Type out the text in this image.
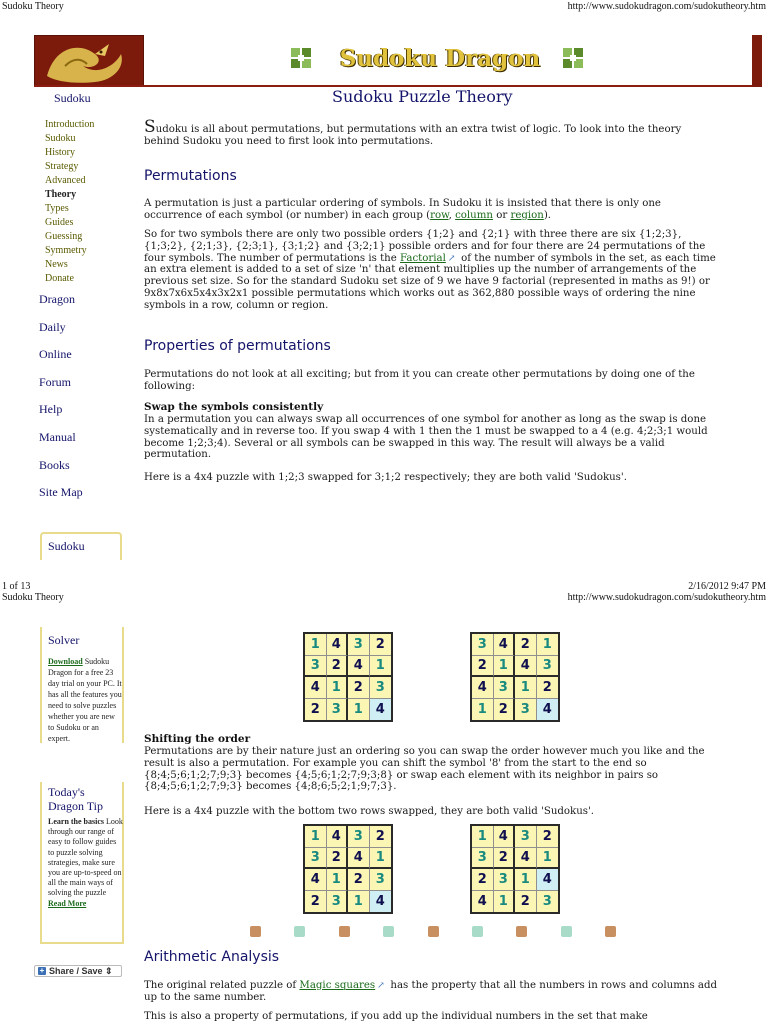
Sudoku Theory	http://www.sudokudragon.com/sudokutheory.htm
Sudoku Dragon
Sudoku
Introduction
Sudoku
History
Strategy
Advanced
Theory
Types
Guides
Guessing
Symmetry
News
Donate
Dragon
Daily
Online
Forum
Help
Manual
Books
Site Map
Sudoku
1 of 13
Sudoku Theory
2/16/2012 9:47 PM
http://www.sudokudragon.com/sudokutheory.htm
Solver
Download Sudoku Dragon for a free 23 day trial on your PC. It has all the features you need to solve puzzles whether you are new to Sudoku or an expert.
Today's
Dragon Tip
Learn the basics Look through our range of easy to follow guides to puzzle solving strategies, make sure you are up-to-speed on all the main ways of solving the puzzle
Read More
+ Share / Save ⇕
Sudoku Puzzle Theory
Sudoku is all about permutations, but permutations with an extra twist of logic. To look into the theory behind Sudoku you need to first look into permutations.
Permutations
A permutation is just a particular ordering of symbols. In Sudoku it is insisted that there is only one occurrence of each symbol (or number) in each group (row, column or region).
So for two symbols there are only two possible orders {1;2} and {2;1} with three there are six {1;2;3}, {1;3;2}, {2;1;3}, {2;3;1}, {3;1;2} and {3;2;1} possible orders and for four there are 24 permutations of the four symbols. The number of permutations is the Factorial ↗ of the number of symbols in the set, as each time an extra element is added to a set of size 'n' that element multiplies up the number of arrangements of the previous set size. So for the standard Sudoku set size of 9 we have 9 factorial (represented in maths as 9!) or 9x8x7x6x5x4x3x2x1 possible permutations which works out as 362,880 possible ways of ordering the nine symbols in a row, column or region.
Properties of permutations
Permutations do not look at all exciting; but from it you can create other permutations by doing one of the following:
Swap the symbols consistently
In a permutation you can always swap all occurrences of one symbol for another as long as the swap is done systematically and in reverse too. If you swap 4 with 1 then the 1 must be swapped to a 4 (e.g. 4;2;3;1 would become 1;2;3;4). Several or all symbols can be swapped in this way. The result will always be a valid permutation.
Here is a 4x4 puzzle with 1;2;3 swapped for 3;1;2 respectively; they are both valid 'Sudokus'.
1 4 3 2
3 2 4 1
4 1 2 3
2 3 1 4
3 4 2 1
2 1 4 3
4 3 1 2
1 2 3 4
Shifting the order
Permutations are by their nature just an ordering so you can swap the order however much you like and the result is also a permutation. For example you can shift the symbol '8' from the start to the end so {8;4;5;6;1;2;7;9;3} becomes {4;5;6;1;2;7;9;3;8} or swap each element with its neighbor in pairs so {8;4;5;6;1;2;7;9;3} becomes {4;8;6;5;2;1;9;7;3}.
Here is a 4x4 puzzle with the bottom two rows swapped, they are both valid 'Sudokus'.
1 4 3 2
3 2 4 1
4 1 2 3
2 3 1 4
1 4 3 2
3 2 4 1
2 3 1 4
4 1 2 3
Arithmetic Analysis
The original related puzzle of Magic squares ↗ has the property that all the numbers in rows and columns add up to the same number.
This is also a property of permutations, if you add up the individual numbers in the set that make
